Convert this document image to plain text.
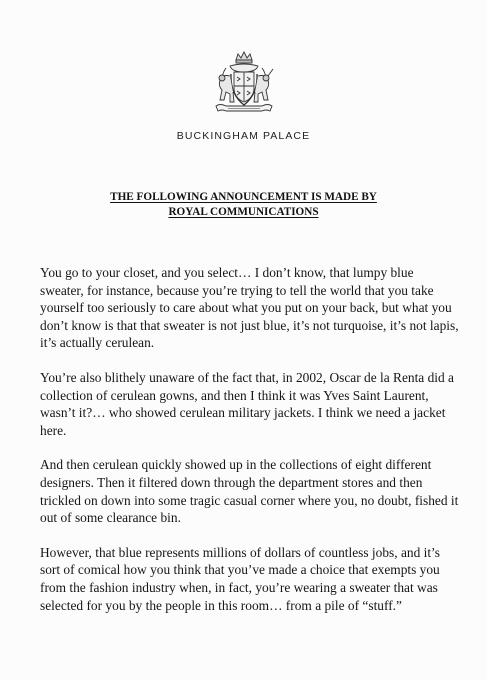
BUCKINGHAM PALACE
THE FOLLOWING ANNOUNCEMENT IS MADE BY
ROYAL COMMUNICATIONS

You go to your closet, and you select… I don’t know, that lumpy blue sweater, for instance, because you’re trying to tell the world that you take yourself too seriously to care about what you put on your back, but what you don’t know is that that sweater is not just blue, it’s not turquoise, it’s not lapis, it’s actually cerulean.

You’re also blithely unaware of the fact that, in 2002, Oscar de la Renta did a collection of cerulean gowns, and then I think it was Yves Saint Laurent, wasn’t it?… who showed cerulean military jackets. I think we need a jacket here.

And then cerulean quickly showed up in the collections of eight different designers. Then it filtered down through the department stores and then trickled on down into some tragic casual corner where you, no doubt, fished it out of some clearance bin.

However, that blue represents millions of dollars of countless jobs, and it’s sort of comical how you think that you’ve made a choice that exempts you from the fashion industry when, in fact, you’re wearing a sweater that was selected for you by the people in this room… from a pile of “stuff.”
